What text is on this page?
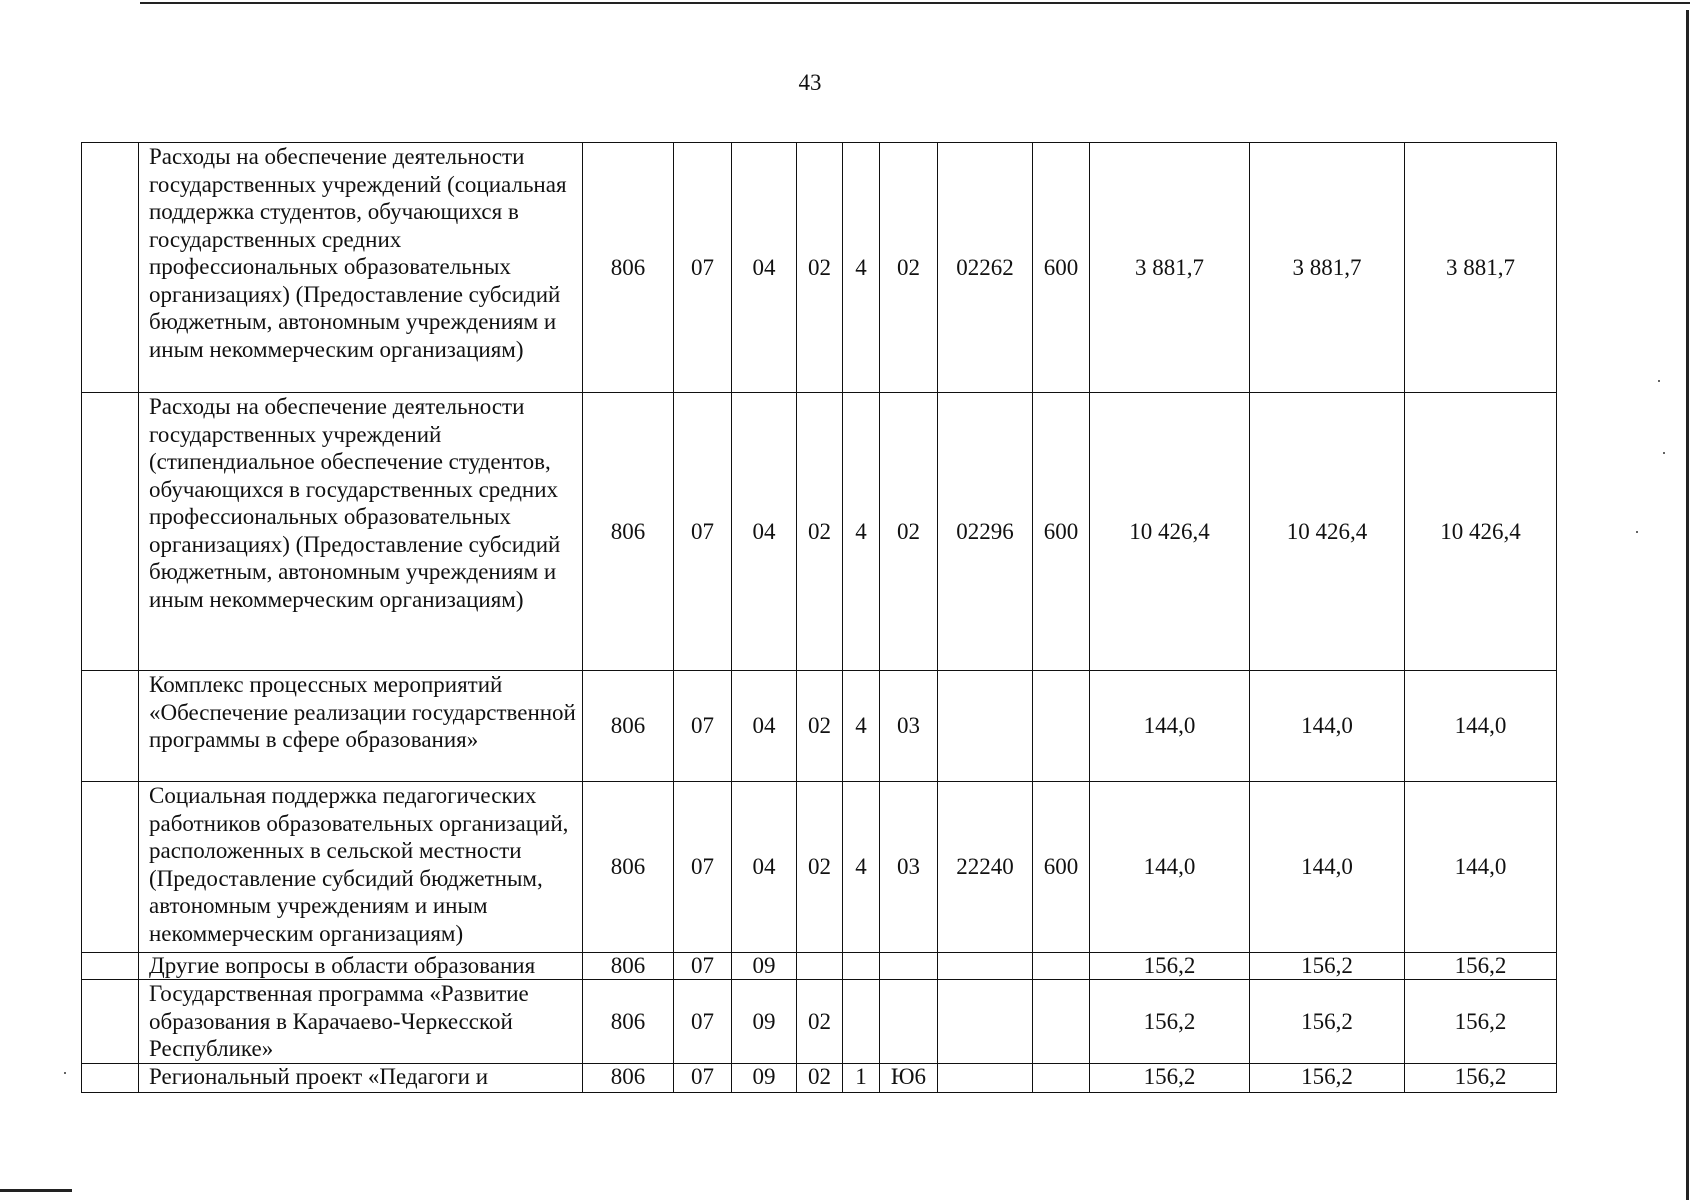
43
	Расходы на обеспечение деятельности государственных учреждений (социальная поддержка студентов, обучающихся в государственных средних профессиональных образовательных организациях) (Предоставление субсидий бюджетным, автономным учреждениям и иным некоммерческим организациям)	806	07	04	02	4	02	02262	600	3 881,7	3 881,7	3 881,7
	Расходы на обеспечение деятельности государственных учреждений (стипендиальное обеспечение студентов, обучающихся в государственных средних профессиональных образовательных организациях) (Предоставление субсидий бюджетным, автономным учреждениям и иным некоммерческим организациям)	806	07	04	02	4	02	02296	600	10 426,4	10 426,4	10 426,4
	Комплекс процессных мероприятий «Обеспечение реализации государственной программы в сфере образования»	806	07	04	02	4	03			144,0	144,0	144,0
	Социальная поддержка педагогических работников образовательных организаций, расположенных в сельской местности (Предоставление субсидий бюджетным, автономным учреждениям и иным некоммерческим организациям)	806	07	04	02	4	03	22240	600	144,0	144,0	144,0
	Другие вопросы в области образования	806	07	09						156,2	156,2	156,2
	Государственная программа «Развитие образования в Карачаево-Черкесской Республике»	806	07	09	02					156,2	156,2	156,2
	Региональный проект «Педагоги и	806	07	09	02	1	Ю6			156,2	156,2	156,2
